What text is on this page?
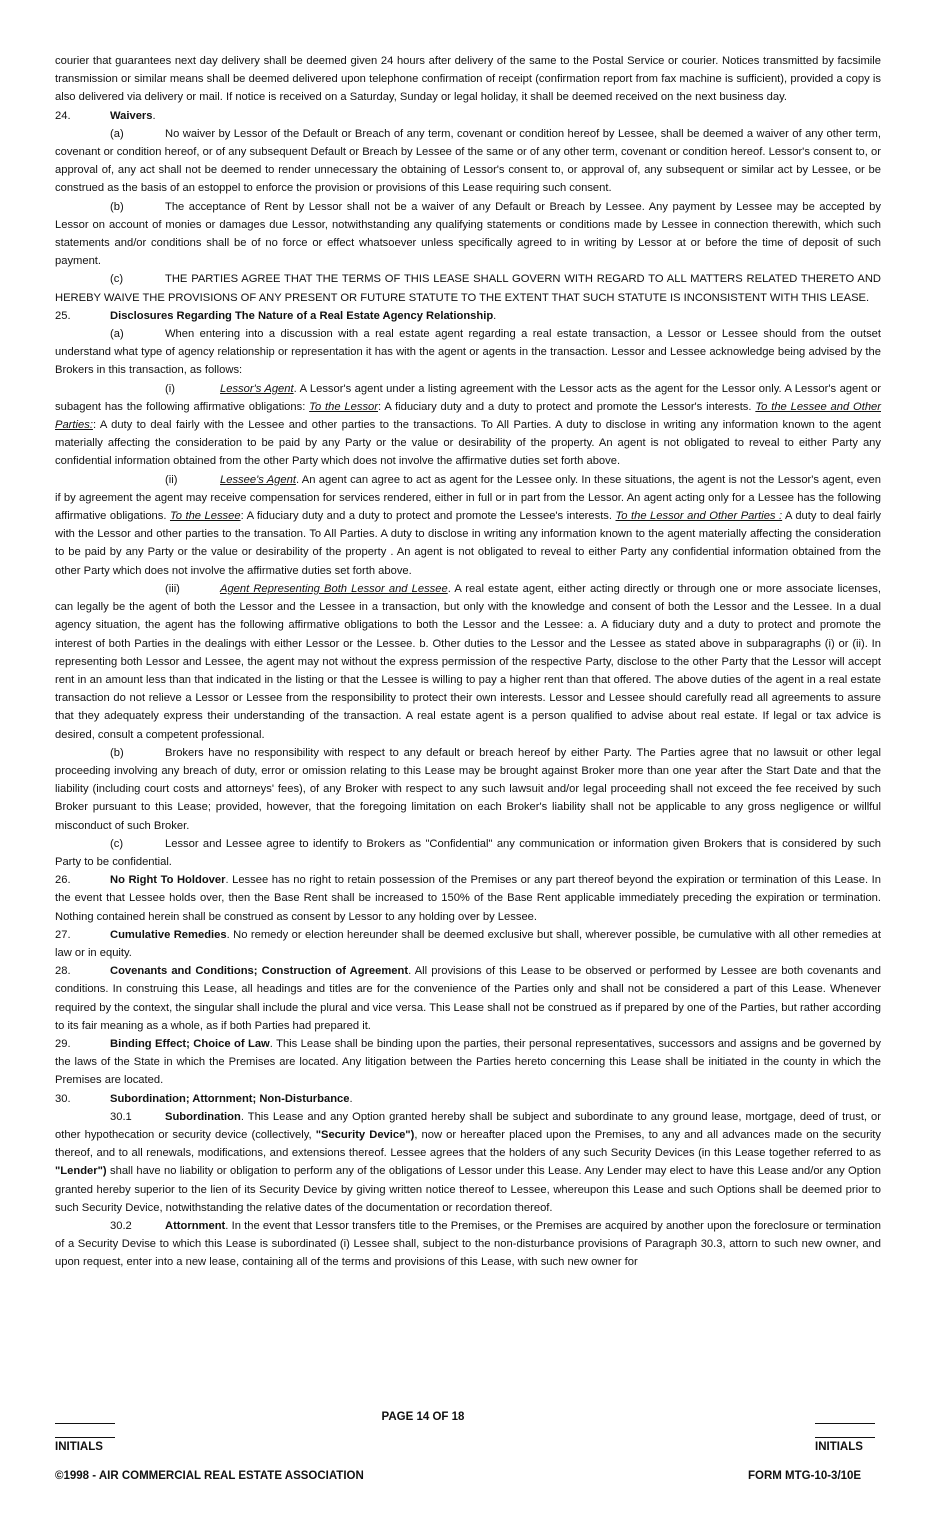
courier that guarantees next day delivery shall be deemed given 24 hours after delivery of the same to the Postal Service or courier. Notices transmitted by facsimile transmission or similar means shall be deemed delivered upon telephone confirmation of receipt (confirmation report from fax machine is sufficient), provided a copy is also delivered via delivery or mail. If notice is received on a Saturday, Sunday or legal holiday, it shall be deemed received on the next business day.

24.	Waivers.

(a)	No waiver by Lessor of the Default or Breach of any term, covenant or condition hereof by Lessee, shall be deemed a waiver of any other term, covenant or condition hereof, or of any subsequent Default or Breach by Lessee of the same or of any other term, covenant or condition hereof. Lessor's consent to, or approval of, any act shall not be deemed to render unnecessary the obtaining of Lessor's consent to, or approval of, any subsequent or similar act by Lessee, or be construed as the basis of an estoppel to enforce the provision or provisions of this Lease requiring such consent.

(b)	The acceptance of Rent by Lessor shall not be a waiver of any Default or Breach by Lessee. Any payment by Lessee may be accepted by Lessor on account of monies or damages due Lessor, notwithstanding any qualifying statements or conditions made by Lessee in connection therewith, which such statements and/or conditions shall be of no force or effect whatsoever unless specifically agreed to in writing by Lessor at or before the time of deposit of such payment.

(c)	THE PARTIES AGREE THAT THE TERMS OF THIS LEASE SHALL GOVERN WITH REGARD TO ALL MATTERS RELATED THERETO AND HEREBY WAIVE THE PROVISIONS OF ANY PRESENT OR FUTURE STATUTE TO THE EXTENT THAT SUCH STATUTE IS INCONSISTENT WITH THIS LEASE.

25.	Disclosures Regarding The Nature of a Real Estate Agency Relationship.

(a)	When entering into a discussion with a real estate agent regarding a real estate transaction, a Lessor or Lessee should from the outset understand what type of agency relationship or representation it has with the agent or agents in the transaction. Lessor and Lessee acknowledge being advised by the Brokers in this transaction, as follows:

(i)	Lessor's Agent. A Lessor's agent under a listing agreement with the Lessor acts as the agent for the Lessor only. A Lessor's agent or subagent has the following affirmative obligations: To the Lessor: A fiduciary duty and a duty to protect and promote the Lessor's interests. To the Lessee and Other Parties:: A duty to deal fairly with the Lessee and other parties to the transactions. To All Parties. A duty to disclose in writing any information known to the agent materially affecting the consideration to be paid by any Party or the value or desirability of the property. An agent is not obligated to reveal to either Party any confidential information obtained from the other Party which does not involve the affirmative duties set forth above.

(ii)	Lessee's Agent. An agent can agree to act as agent for the Lessee only. In these situations, the agent is not the Lessor's agent, even if by agreement the agent may receive compensation for services rendered, either in full or in part from the Lessor. An agent acting only for a Lessee has the following affirmative obligations. To the Lessee: A fiduciary duty and a duty to protect and promote the Lessee's interests. To the Lessor and Other Parties : A duty to deal fairly with the Lessor and other parties to the transation. To All Parties. A duty to disclose in writing any information known to the agent materially affecting the consideration to be paid by any Party or the value or desirability of the property . An agent is not obligated to reveal to either Party any confidential information obtained from the other Party which does not involve the affirmative duties set forth above.

(iii)	Agent Representing Both Lessor and Lessee. A real estate agent, either acting directly or through one or more associate licenses, can legally be the agent of both the Lessor and the Lessee in a transaction, but only with the knowledge and consent of both the Lessor and the Lessee. In a dual agency situation, the agent has the following affirmative obligations to both the Lessor and the Lessee: a. A fiduciary duty and a duty to protect and promote the interest of both Parties in the dealings with either Lessor or the Lessee. b. Other duties to the Lessor and the Lessee as stated above in subparagraphs (i) or (ii). In representing both Lessor and Lessee, the agent may not without the express permission of the respective Party, disclose to the other Party that the Lessor will accept rent in an amount less than that indicated in the listing or that the Lessee is willing to pay a higher rent than that offered. The above duties of the agent in a real estate transaction do not relieve a Lessor or Lessee from the responsibility to protect their own interests. Lessor and Lessee should carefully read all agreements to assure that they adequately express their understanding of the transaction. A real estate agent is a person qualified to advise about real estate. If legal or tax advice is desired, consult a competent professional.

(b)	Brokers have no responsibility with respect to any default or breach hereof by either Party. The Parties agree that no lawsuit or other legal proceeding involving any breach of duty, error or omission relating to this Lease may be brought against Broker more than one year after the Start Date and that the liability (including court costs and attorneys' fees), of any Broker with respect to any such lawsuit and/or legal proceeding shall not exceed the fee received by such Broker pursuant to this Lease; provided, however, that the foregoing limitation on each Broker's liability shall not be applicable to any gross negligence or willful misconduct of such Broker.

(c)	Lessor and Lessee agree to identify to Brokers as "Confidential" any communication or information given Brokers that is considered by such Party to be confidential.

26.	No Right To Holdover. Lessee has no right to retain possession of the Premises or any part thereof beyond the expiration or termination of this Lease. In the event that Lessee holds over, then the Base Rent shall be increased to 150% of the Base Rent applicable immediately preceding the expiration or termination. Nothing contained herein shall be construed as consent by Lessor to any holding over by Lessee.

27.	Cumulative Remedies. No remedy or election hereunder shall be deemed exclusive but shall, wherever possible, be cumulative with all other remedies at law or in equity.

28.	Covenants and Conditions; Construction of Agreement. All provisions of this Lease to be observed or performed by Lessee are both covenants and conditions. In construing this Lease, all headings and titles are for the convenience of the Parties only and shall not be considered a part of this Lease. Whenever required by the context, the singular shall include the plural and vice versa. This Lease shall not be construed as if prepared by one of the Parties, but rather according to its fair meaning as a whole, as if both Parties had prepared it.

29.	Binding Effect; Choice of Law. This Lease shall be binding upon the parties, their personal representatives, successors and assigns and be governed by the laws of the State in which the Premises are located. Any litigation between the Parties hereto concerning this Lease shall be initiated in the county in which the Premises are located.

30.	Subordination; Attornment; Non-Disturbance.

30.1	Subordination. This Lease and any Option granted hereby shall be subject and subordinate to any ground lease, mortgage, deed of trust, or other hypothecation or security device (collectively, "Security Device"), now or hereafter placed upon the Premises, to any and all advances made on the security thereof, and to all renewals, modifications, and extensions thereof. Lessee agrees that the holders of any such Security Devices (in this Lease together referred to as "Lender") shall have no liability or obligation to perform any of the obligations of Lessor under this Lease. Any Lender may elect to have this Lease and/or any Option granted hereby superior to the lien of its Security Device by giving written notice thereof to Lessee, whereupon this Lease and such Options shall be deemed prior to such Security Device, notwithstanding the relative dates of the documentation or recordation thereof.

30.2	Attornment. In the event that Lessor transfers title to the Premises, or the Premises are acquired by another upon the foreclosure or termination of a Security Devise to which this Lease is subordinated (i) Lessee shall, subject to the non-disturbance provisions of Paragraph 30.3, attorn to such new owner, and upon request, enter into a new lease, containing all of the terms and provisions of this Lease, with such new owner for

INITIALS
PAGE 14 OF 18
INITIALS
©1998 - AIR COMMERCIAL REAL ESTATE ASSOCIATION	FORM MTG-10-3/10E
